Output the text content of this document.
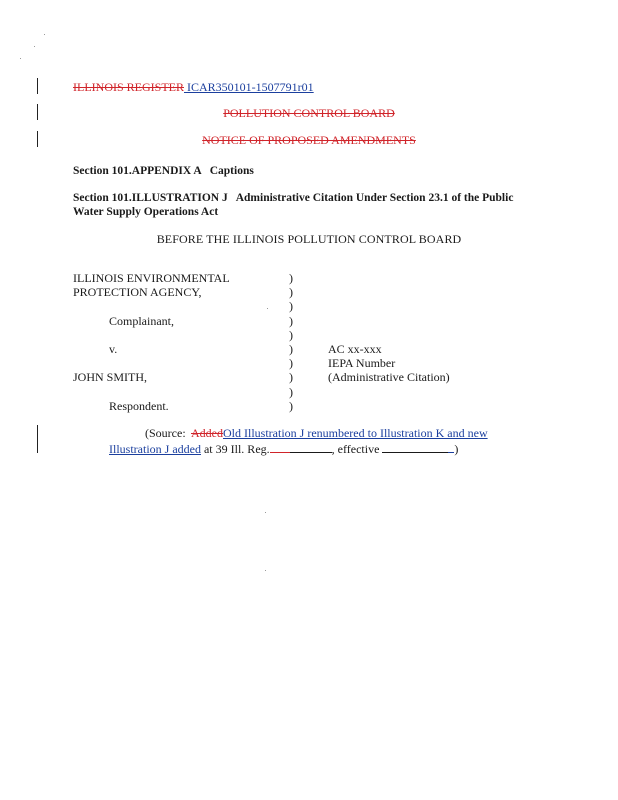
ILLINOIS REGISTER ICAR350101-1507791r01
POLLUTION CONTROL BOARD
NOTICE OF PROPOSED AMENDMENTS
Section 101.APPENDIX A   Captions
Section 101.ILLUSTRATION J   Administrative Citation Under Section 23.1 of the Public
Water Supply Operations Act
BEFORE THE ILLINOIS POLLUTION CONTROL BOARD
ILLINOIS ENVIRONMENTAL	)
PROTECTION AGENCY,	)
)
Complainant,	)
)
v.	)	AC xx-xxx
)	IEPA Number
JOHN SMITH,	)	(Administrative Citation)
)
Respondent.	)
(Source:  AddedOld Illustration J renumbered to Illustration K and new
Illustration J added at 39 Ill. Reg.	, effective	)
